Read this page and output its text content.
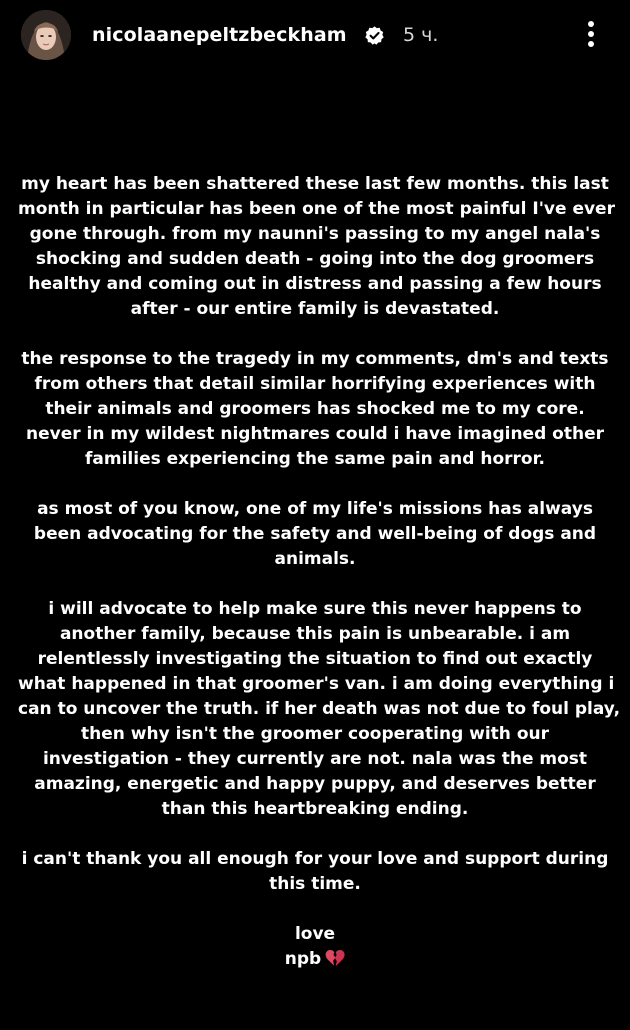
nicolaanepeltzbeckham	5 ч.

my heart has been shattered these last few months. this last
month in particular has been one of the most painful I've ever
gone through. from my naunni's passing to my angel nala's
shocking and sudden death - going into the dog groomers
healthy and coming out in distress and passing a few hours
after - our entire family is devastated.

the response to the tragedy in my comments, dm's and texts
from others that detail similar horrifying experiences with
their animals and groomers has shocked me to my core.
never in my wildest nightmares could i have imagined other
families experiencing the same pain and horror.

as most of you know, one of my life's missions has always
been advocating for the safety and well-being of dogs and
animals.

i will advocate to help make sure this never happens to
another family, because this pain is unbearable. i am
relentlessly investigating the situation to find out exactly
what happened in that groomer's van. i am doing everything i
can to uncover the truth. if her death was not due to foul play,
then why isn't the groomer cooperating with our
investigation - they currently are not. nala was the most
amazing, energetic and happy puppy, and deserves better
than this heartbreaking ending.

i can't thank you all enough for your love and support during
this time.

love
npb
